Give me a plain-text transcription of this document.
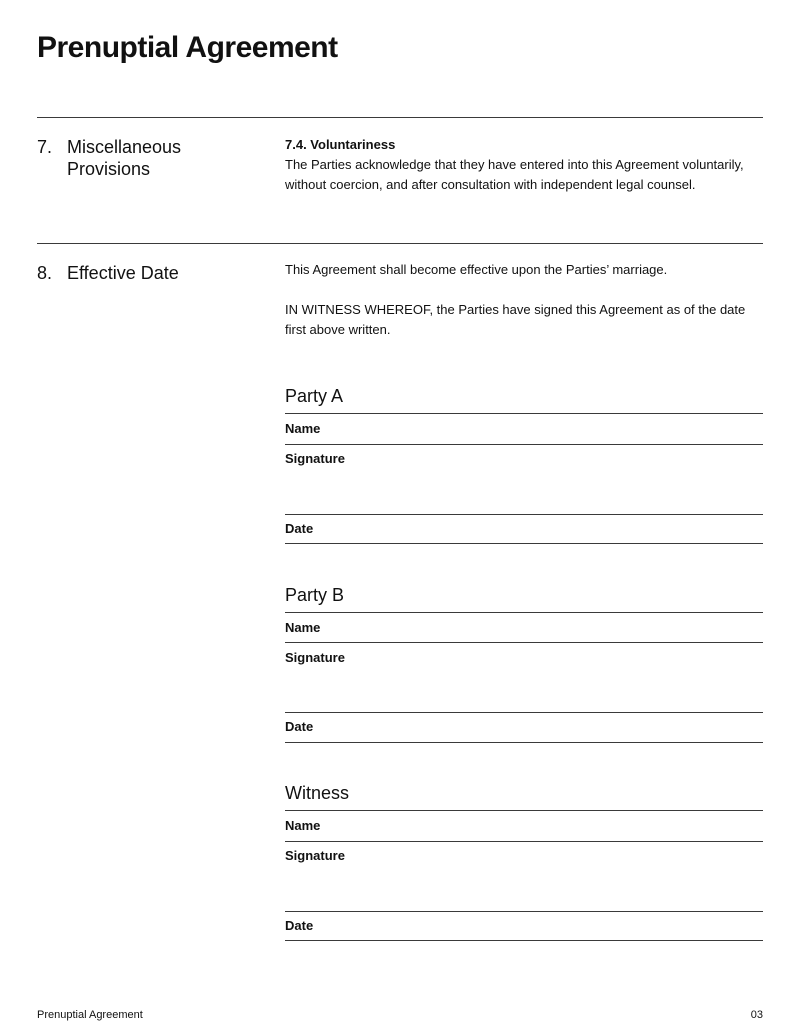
Prenuptial Agreement
7. Miscellaneous Provisions
7.4. Voluntariness
The Parties acknowledge that they have entered into this Agreement voluntarily, without coercion, and after consultation with independent legal counsel.
8. Effective Date	This Agreement shall become effective upon the Parties’ marriage.
IN WITNESS WHEREOF, the Parties have signed this Agreement as of the date first above written.
Party A
Name
Signature
Date
Party B
Name
Signature
Date
Witness
Name
Signature
Date
Prenuptial Agreement	03
